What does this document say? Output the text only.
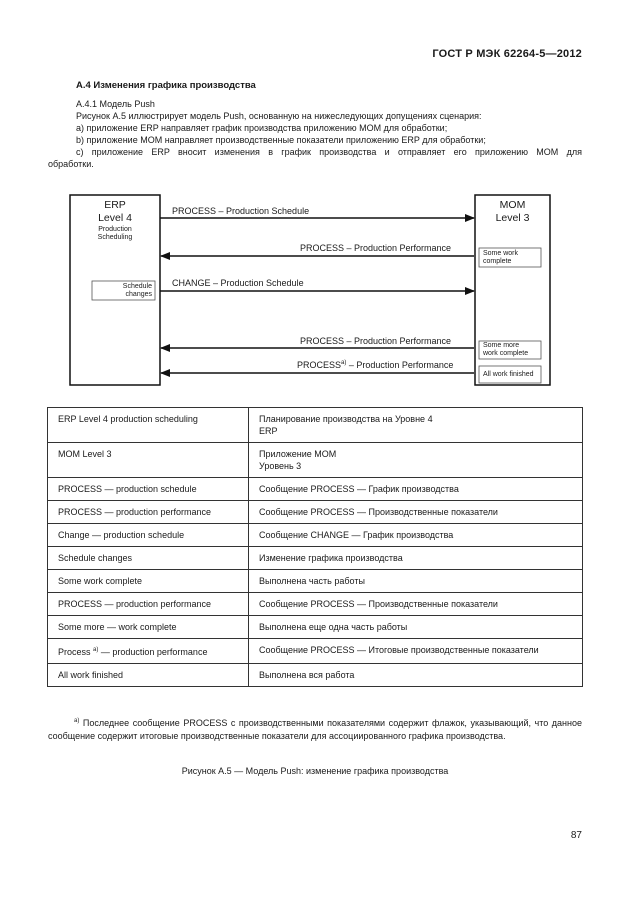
ГОСТ Р МЭК 62264-5—2012
А.4 Изменения графика производства
А.4.1 Модель Push
Рисунок А.5 иллюстрирует модель Push, основанную на нижеследующих допущениях сценария:
а) приложение ERP направляет график производства приложению МОМ для обработки;
b) приложение МОМ направляет производственные показатели приложению ERP для обработки;
с) приложение ERP вносит изменения в график производства и отправляет его приложению МОМ для
обработки.
ERP
Level 4
Production
Scheduling
Schedule
changes
MOM
Level 3
Some work
complete
Some more
work complete
All work finished
PROCESS – Production Schedule
PROCESS – Production Performance
CHANGE – Production Schedule
PROCESS – Production Performance
PROCESS$^{a)}$ – Production Performance
ERP Level 4 production scheduling	Планирование производства на Уровне 4
ERP
MOM Level 3	Приложение МОМ
Уровень 3
PROCESS — production schedule	Сообщение PROCESS — График производства
PROCESS — production performance	Сообщение PROCESS — Производственные показатели
Change — production schedule	Сообщение CHANGE — График производства
Schedule changes	Изменение графика производства
Some work complete	Выполнена часть работы
PROCESS — production performance	Сообщение PROCESS — Производственные показатели
Some more — work complete	Выполнена еще одна часть работы
Process $^{a)}$ — production performance	Сообщение PROCESS — Итоговые производственные показатели
All work finished	Выполнена вся работа
$^{а)}$ Последнее сообщение PROCESS с производственными показателями содержит флажок, указывающий, что данное сообщение содержит итоговые производственные показатели для ассоциированного графика производства.
Рисунок А.5 — Модель Push: изменение графика производства
87
